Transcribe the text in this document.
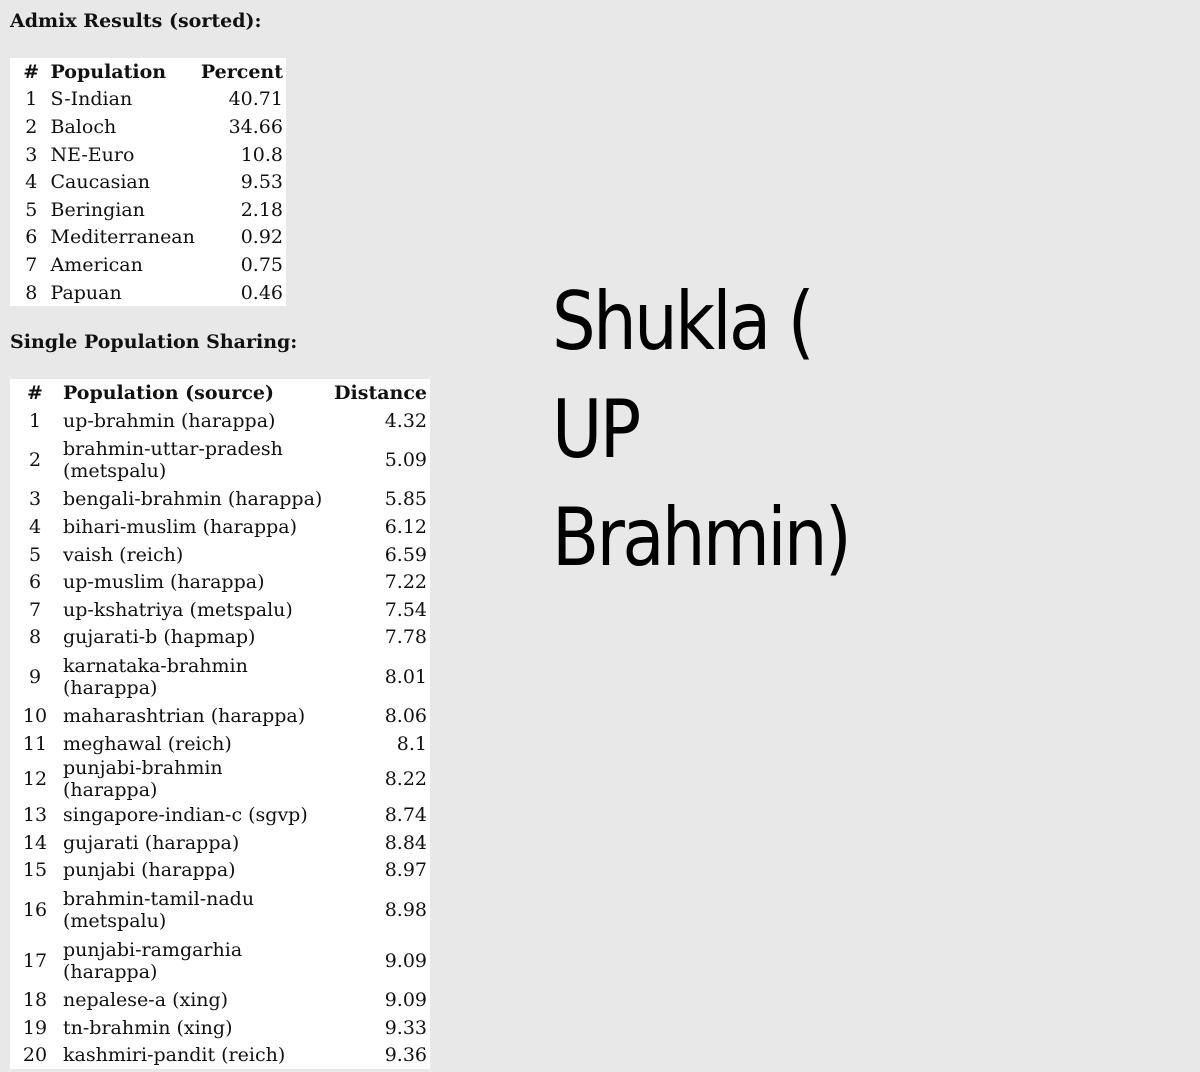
Admix Results (sorted):
#	Population	Percent
1	S-Indian	40.71
2	Baloch	34.66
3	NE-Euro	10.8
4	Caucasian	9.53
5	Beringian	2.18
6	Mediterranean	0.92
7	American	0.75
8	Papuan	0.46
Single Population Sharing:
#	Population (source)	Distance
1	up-brahmin (harappa)	4.32
2	brahmin-uttar-pradesh (metspalu)	5.09
3	bengali-brahmin (harappa)	5.85
4	bihari-muslim (harappa)	6.12
5	vaish (reich)	6.59
6	up-muslim (harappa)	7.22
7	up-kshatriya (metspalu)	7.54
8	gujarati-b (hapmap)	7.78
9	karnataka-brahmin (harappa)	8.01
10	maharashtrian (harappa)	8.06
11	meghawal (reich)	8.1
12	punjabi-brahmin (harappa)	8.22
13	singapore-indian-c (sgvp)	8.74
14	gujarati (harappa)	8.84
15	punjabi (harappa)	8.97
16	brahmin-tamil-nadu (metspalu)	8.98
17	punjabi-ramgarhia (harappa)	9.09
18	nepalese-a (xing)	9.09
19	tn-brahmin (xing)	9.33
20	kashmiri-pandit (reich)	9.36
Shukla ( UP Brahmin)
